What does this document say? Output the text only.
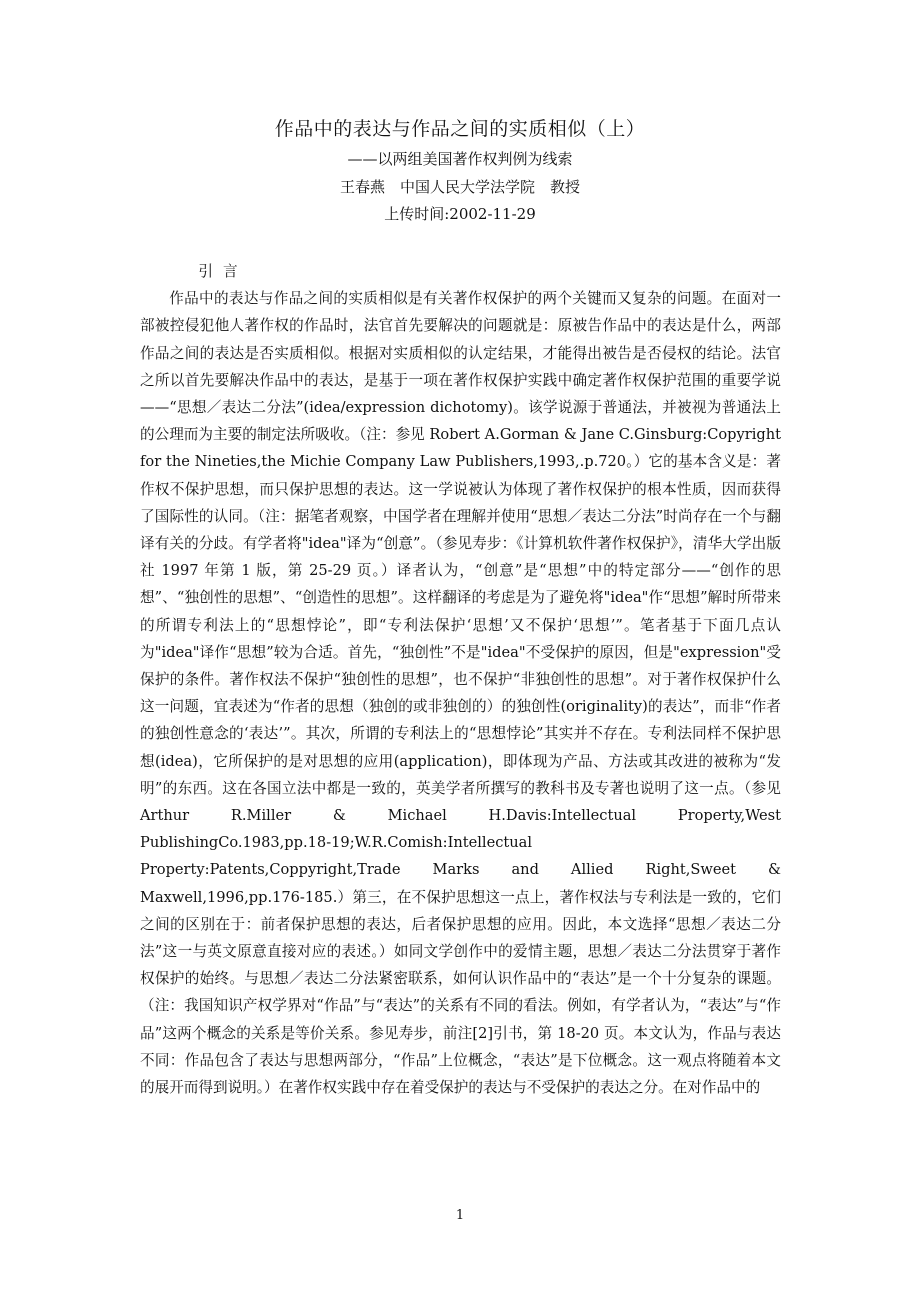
作品中的表达与作品之间的实质相似（上）

——以两组美国著作权判例为线索

王春燕　中国人民大学法学院　教授

上传时间:2002-11-29

引言

作品中的表达与作品之间的实质相似是有关著作权保护的两个关键而又复杂的问题。在面对一部被控侵犯他人著作权的作品时，法官首先要解决的问题就是：原被告作品中的表达是什么，两部作品之间的表达是否实质相似。根据对实质相似的认定结果，才能得出被告是否侵权的结论。法官之所以首先要解决作品中的表达，是基于一项在著作权保护实践中确定著作权保护范围的重要学说——“思想／表达二分法”(idea/expression dichotomy)。该学说源于普通法，并被视为普通法上的公理而为主要的制定法所吸收。（注：参见 Robert A.Gorman & Jane C.Ginsburg:Copyright for the Nineties,the Michie Company Law Publishers,1993,.p.720。）它的基本含义是：著作权不保护思想，而只保护思想的表达。这一学说被认为体现了著作权保护的根本性质，因而获得了国际性的认同。（注：据笔者观察，中国学者在理解并使用“思想／表达二分法”时尚存在一个与翻译有关的分歧。有学者将"idea"译为“创意”。（参见寿步：《计算机软件著作权保护》，清华大学出版社 1997 年第 1 版，第 25-29 页。）译者认为，“创意”是“思想”中的特定部分——“创作的思想”、“独创性的思想”、“创造性的思想”。这样翻译的考虑是为了避免将"idea"作“思想”解时所带来的所谓专利法上的“思想悖论”，即“专利法保护‘思想’又不保护‘思想’”。笔者基于下面几点认为"idea"译作“思想”较为合适。首先，“独创性”不是"idea"不受保护的原因，但是"expression"受保护的条件。著作权法不保护“独创性的思想”，也不保护“非独创性的思想”。对于著作权保护什么这一问题，宜表述为“作者的思想（独创的或非独创的）的独创性(originality)的表达”，而非“作者的独创性意念的‘表达’”。其次，所谓的专利法上的“思想悖论”其实并不存在。专利法同样不保护思想(idea)，它所保护的是对思想的应用(application)，即体现为产品、方法或其改进的被称为“发明”的东西。这在各国立法中都是一致的，英美学者所撰写的教科书及专著也说明了这一点。（参见 Arthur R.Miller & Michael H.Davis:Intellectual Property,West PublishingCo.1983,pp.18-19;W.R.Comish:Intellectual Property:Patents,Coppyright,Trade Marks and Allied Right,Sweet & Maxwell,1996,pp.176-185.）第三，在不保护思想这一点上，著作权法与专利法是一致的，它们之间的区别在于：前者保护思想的表达，后者保护思想的应用。因此，本文选择“思想／表达二分法”这一与英文原意直接对应的表述。）如同文学创作中的爱情主题，思想／表达二分法贯穿于著作权保护的始终。与思想／表达二分法紧密联系，如何认识作品中的“表达”是一个十分复杂的课题。（注：我国知识产权学界对“作品”与“表达”的关系有不同的看法。例如，有学者认为，“表达”与“作品”这两个概念的关系是等价关系。参见寿步，前注[2]引书，第 18-20 页。本文认为，作品与表达不同：作品包含了表达与思想两部分，“作品”上位概念，“表达”是下位概念。这一观点将随着本文的展开而得到说明。）在著作权实践中存在着受保护的表达与不受保护的表达之分。在对作品中的

1
